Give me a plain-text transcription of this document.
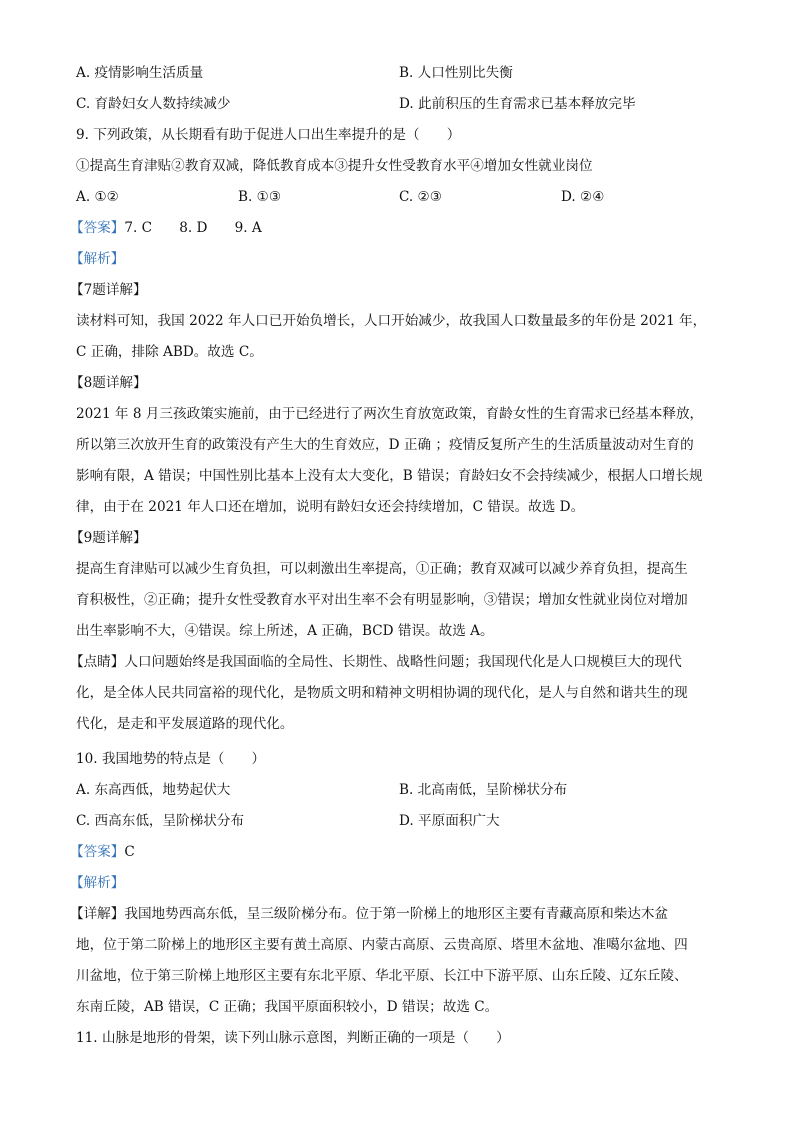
A. 疫情影响生活质量	B. 人口性别比失衡
C. 育龄妇女人数持续减少	D. 此前积压的生育需求已基本释放完毕
9. 下列政策，从长期看有助于促进人口出生率提升的是（　　）
①提高生育津贴②教育双减，降低教育成本③提升女性受教育水平④增加女性就业岗位
A. ①②	B. ①③	C. ②③	D. ②④
【答案】7. C　　8. D　　9. A
【解析】
【7题详解】
读材料可知，我国 2022 年人口已开始负增长，人口开始减少，故我国人口数量最多的年份是 2021 年，
C 正确，排除 ABD。故选 C。
【8题详解】
2021 年 8 月三孩政策实施前，由于已经进行了两次生育放宽政策，育龄女性的生育需求已经基本释放，
所以第三次放开生育的政策没有产生大的生育效应，D 正确 ；疫情反复所产生的生活质量波动对生育的
影响有限，A 错误；中国性别比基本上没有太大变化，B 错误；育龄妇女不会持续减少，根据人口增长规
律，由于在 2021 年人口还在增加，说明有龄妇女还会持续增加，C 错误。故选 D。
【9题详解】
提高生育津贴可以减少生育负担，可以刺激出生率提高，①正确；教育双减可以减少养育负担，提高生
育积极性，②正确；提升女性受教育水平对出生率不会有明显影响，③错误；增加女性就业岗位对增加
出生率影响不大，④错误。综上所述，A 正确，BCD 错误。故选 A。
【点睛】人口问题始终是我国面临的全局性、长期性、战略性问题；我国现代化是人口规模巨大的现代
化，是全体人民共同富裕的现代化，是物质文明和精神文明相协调的现代化，是人与自然和谐共生的现
代化，是走和平发展道路的现代化。
10. 我国地势的特点是（　　）
A. 东高西低，地势起伏大	B. 北高南低，呈阶梯状分布
C. 西高东低，呈阶梯状分布	D. 平原面积广大
【答案】C
【解析】
【详解】我国地势西高东低，呈三级阶梯分布。位于第一阶梯上的地形区主要有青藏高原和柴达木盆
地，位于第二阶梯上的地形区主要有黄土高原、内蒙古高原、云贵高原、塔里木盆地、准噶尔盆地、四
川盆地，位于第三阶梯上地形区主要有东北平原、华北平原、长江中下游平原、山东丘陵、辽东丘陵、
东南丘陵，AB 错误，C 正确；我国平原面积较小，D 错误；故选 C。
11. 山脉是地形的骨架，读下列山脉示意图，判断正确的一项是（　　）
